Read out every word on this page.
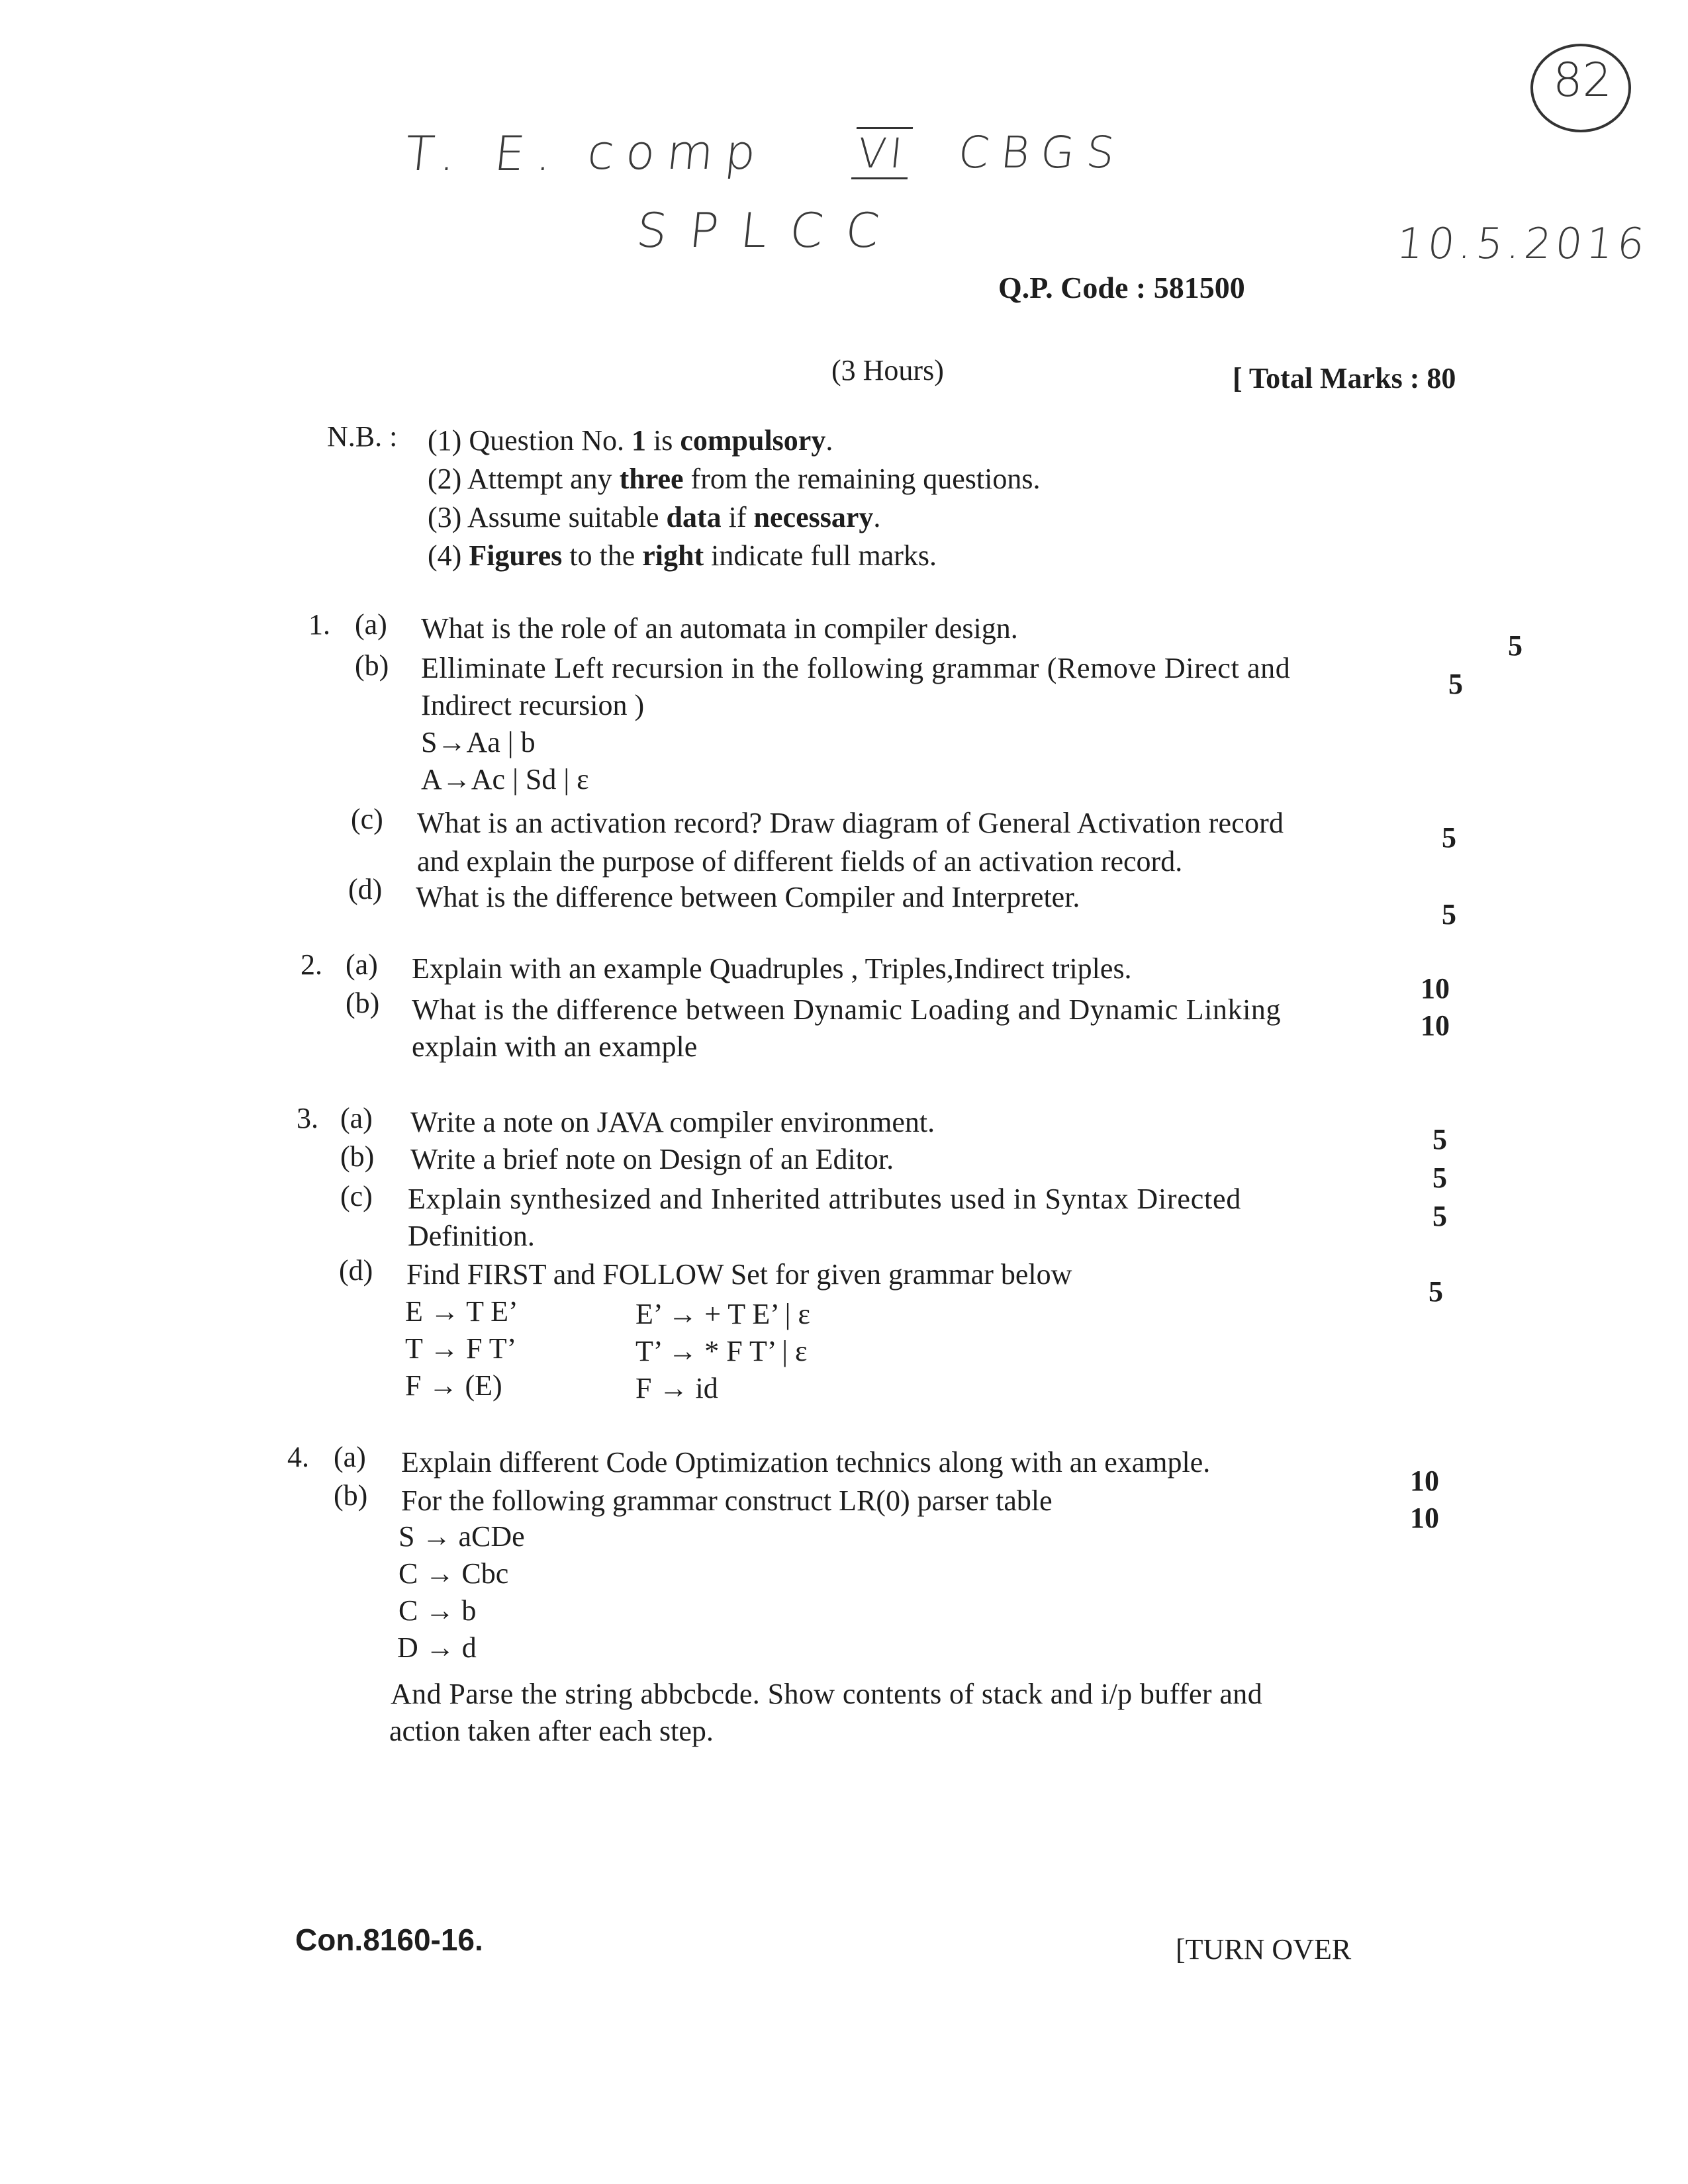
T. E. comp VI CBGS
SPLCC	10.5.2016
82
Q.P. Code : 581500
(3 Hours)	[ Total Marks : 80
N.B. : (1) Question No. 1 is compulsory.
(2) Attempt any three from the remaining questions.
(3) Assume suitable data if necessary.
(4) Figures to the right indicate full marks.
1. (a) What is the role of an automata in compiler design.
5
(b) Elliminate Left recursion in the following grammar (Remove Direct and
Indirect recursion )
S→Aa | b
A→Ac | Sd | ε
5
(c) What is an activation record? Draw diagram of General Activation record
and explain the purpose of different fields of an activation record.
5
(d) What is the difference between Compiler and Interpreter.
5
2. (a) Explain with an example Quadruples , Triples,Indirect triples.
10
(b) What is the difference between Dynamic Loading and Dynamic Linking
explain with an example
10
3. (a) Write a note on JAVA compiler environment.
5
(b) Write a brief note on Design of an Editor.
5
(c) Explain synthesized and Inherited attributes used in Syntax Directed
Definition.
5
(d) Find FIRST and FOLLOW Set for given grammar below
5
E → T E’
T → F T’
F → (E)
E’ → + T E’ | ε
T’ → * F T’ | ε
F → id
4. (a) Explain different Code Optimization technics along with an example.
10
(b) For the following grammar construct LR(0) parser table
10
S → aCDe
C → Cbc
C → b
D → d
And Parse the string abbcbcde. Show contents of stack and i/p buffer and
action taken after each step.
Con.8160-16.	[TURN OVER
